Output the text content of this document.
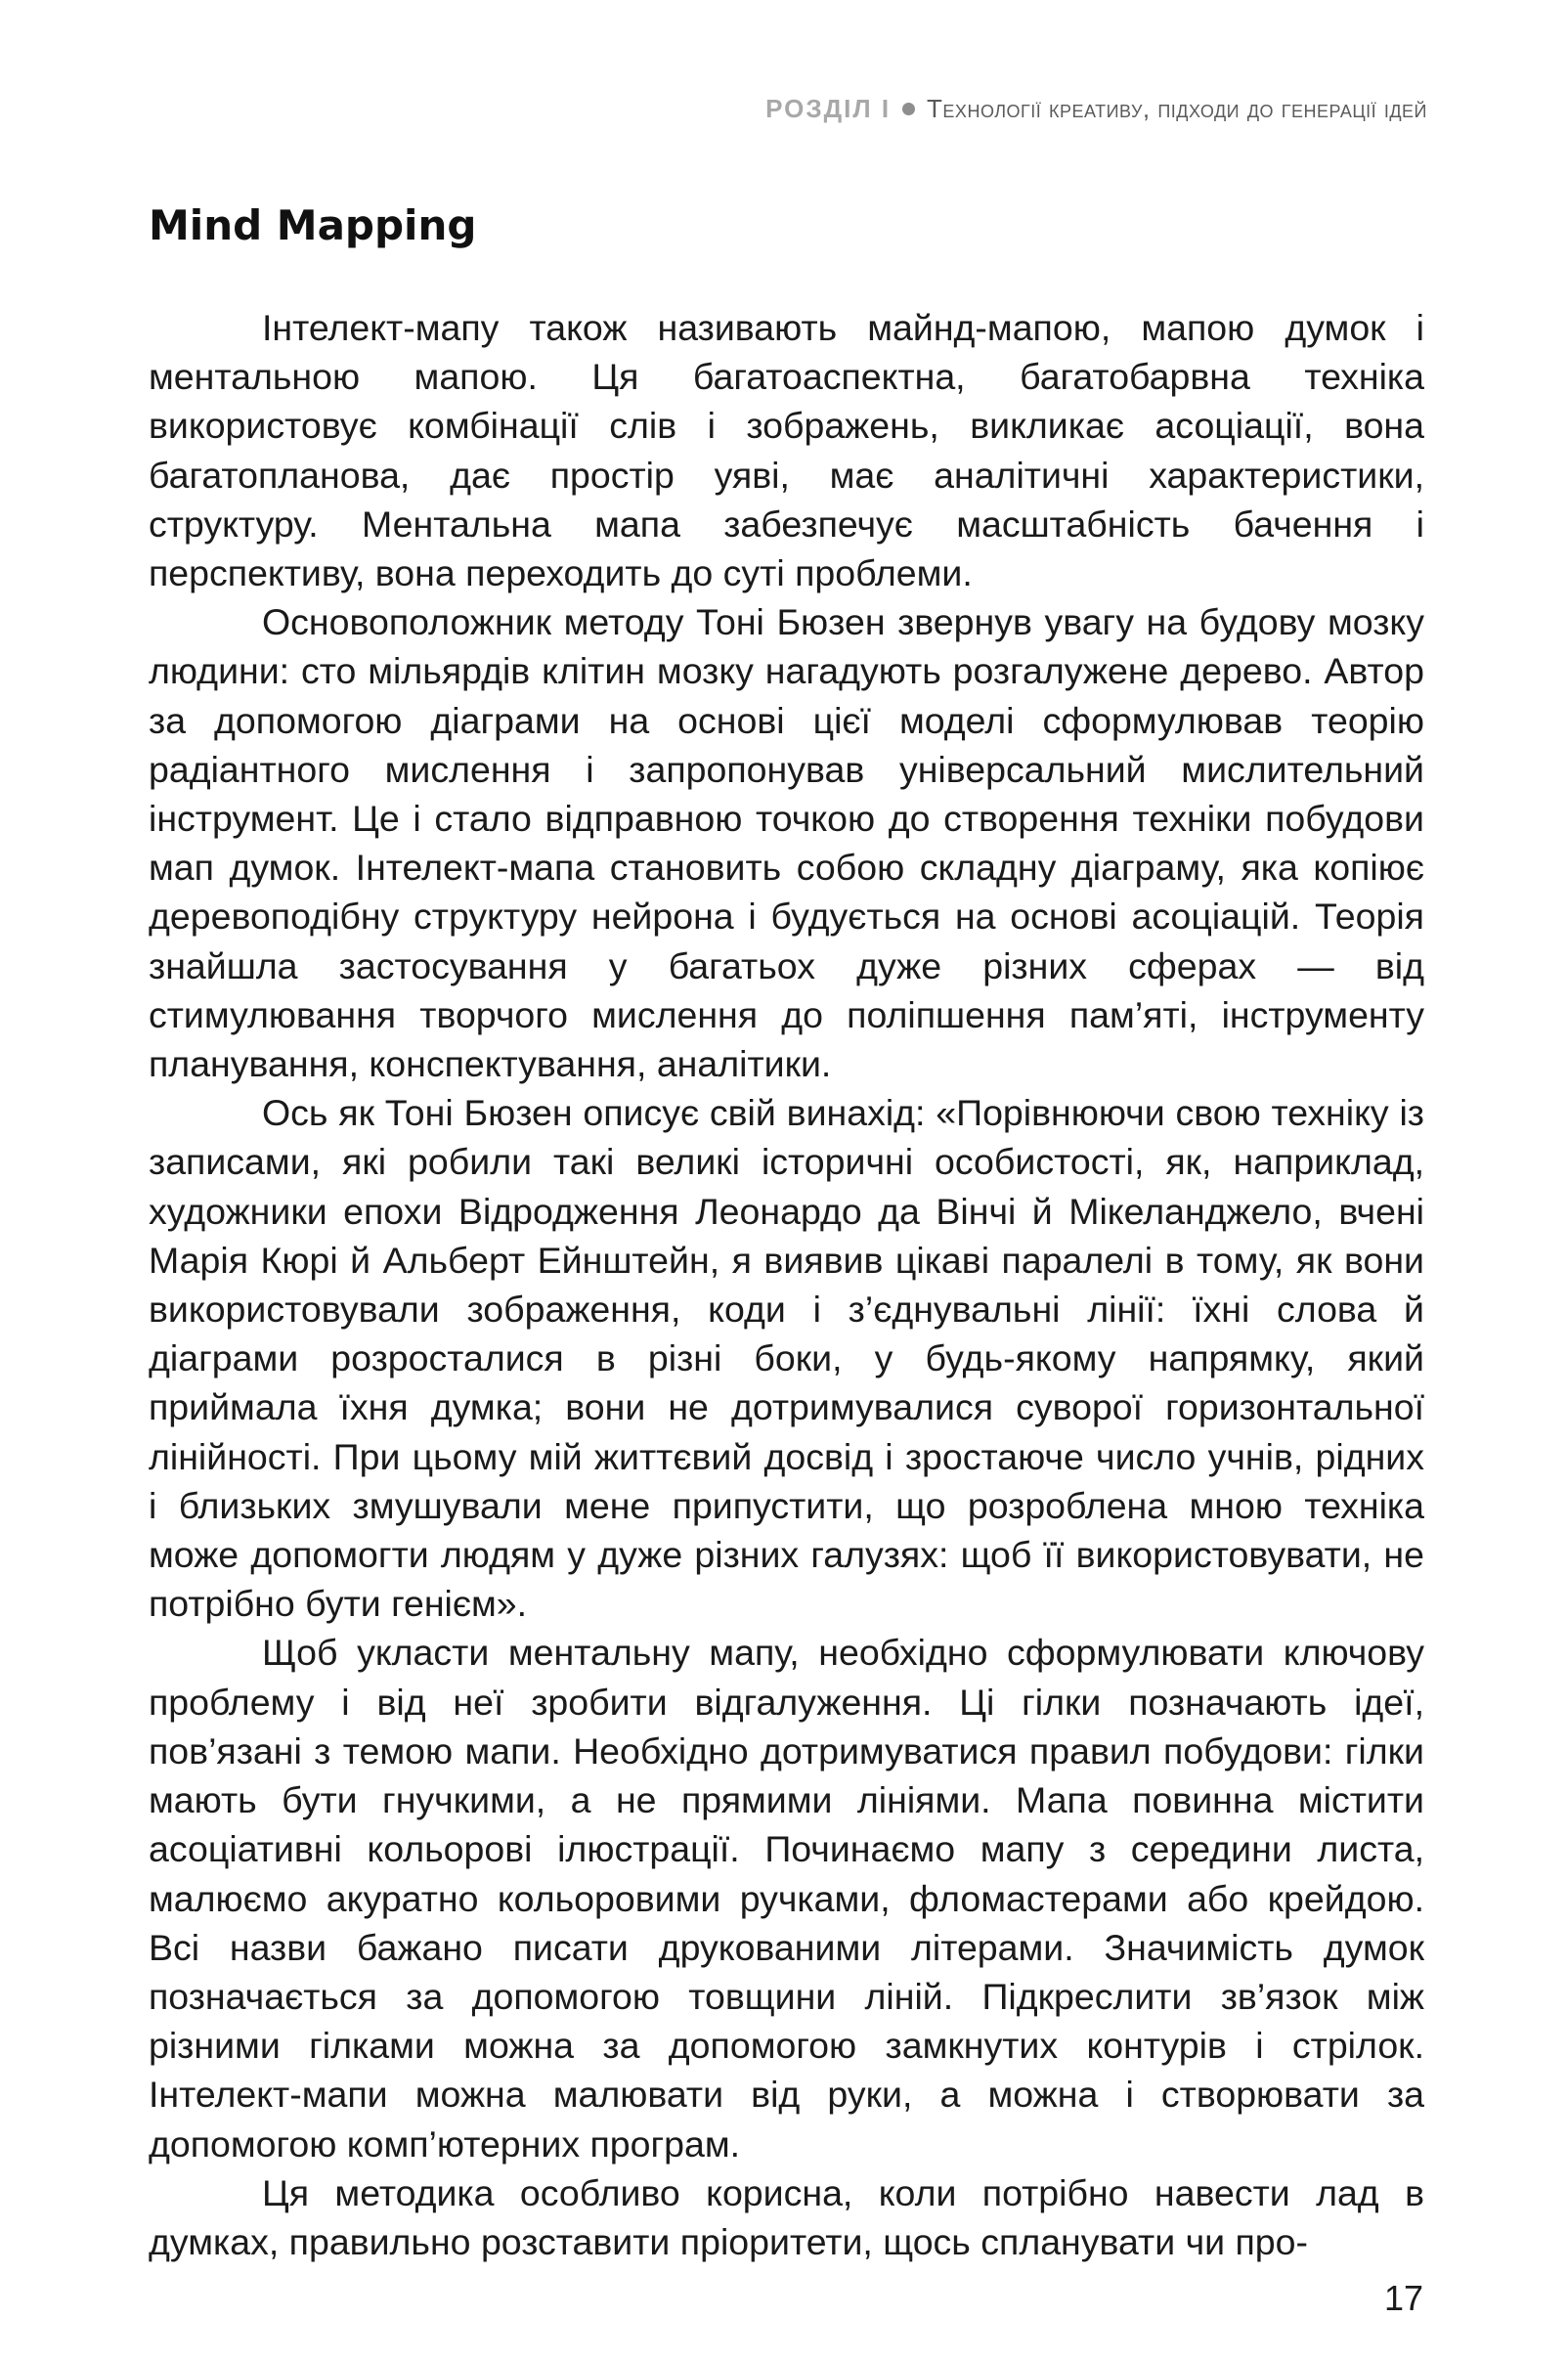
РОЗДІЛ І Технології креативу, підходи до генерації ідей
Mind Mapping

Інтелект-мапу також називають майнд-мапою, мапою думок і ментальною мапою. Ця багатоаспектна, багатобарвна техніка використовує комбінації слів і зображень, викликає асоціації, вона багатопланова, дає простір уяві, має аналітичні характеристики, структуру. Ментальна мапа забезпечує масштабність бачення і перспективу, вона переходить до суті проблеми.

Основоположник методу Тоні Бюзен звернув увагу на будову мозку людини: сто мільярдів клітин мозку нагадують розгалужене дерево. Автор за допомогою діаграми на основі цієї моделі сформулював теорію радіантного мислення і запропонував універсальний мислительний інструмент. Це і стало відправною точкою до створення техніки побудови мап думок. Інтелект-мапа становить собою складну діаграму, яка копіює деревоподібну структуру нейрона і будується на основі асоціацій. Теорія знайшла застосування у багатьох дуже різних сферах — від стимулювання творчого мислення до поліпшення пам’яті, інструменту планування, конспектування, аналітики.

Ось як Тоні Бюзен описує свій винахід: «Порівнюючи свою техніку із записами, які робили такі великі історичні особистості, як, наприклад, художники епохи Відродження Леонардо да Вінчі й Мікеланджело, вчені Марія Кюрі й Альберт Ейнштейн, я виявив цікаві паралелі в тому, як вони використовували зображення, коди і з’єднувальні лінії: їхні слова й діаграми розросталися в різні боки, у будь-якому напрямку, який приймала їхня думка; вони не дотримувалися суворої горизонтальної лінійності. При цьому мій життєвий досвід і зростаюче число учнів, рідних і близьких змушували мене припустити, що розроблена мною техніка може допомогти людям у дуже різних галузях: щоб її використовувати, не потрібно бути генієм».

Щоб укласти ментальну мапу, необхідно сформулювати ключову проблему і від неї зробити відгалуження. Ці гілки позначають ідеї, пов’язані з темою мапи. Необхідно дотримуватися правил побудови: гілки мають бути гнучкими, а не прямими лініями. Мапа повинна містити асоціативні кольорові ілюстрації. Починаємо мапу з середини листа, малюємо акуратно кольоровими ручками, фломастерами або крейдою. Всі назви бажано писати друкованими літерами. Значимість думок позначається за допомогою товщини ліній. Підкреслити зв’язок між різними гілками можна за допомогою замкнутих контурів і стрілок. Інтелект-мапи можна малювати від руки, а можна і створювати за допомогою комп’ютерних програм.

Ця методика особливо корисна, коли потрібно навести лад в думках, правильно розставити пріоритети, щось спланувати чи про-

17
